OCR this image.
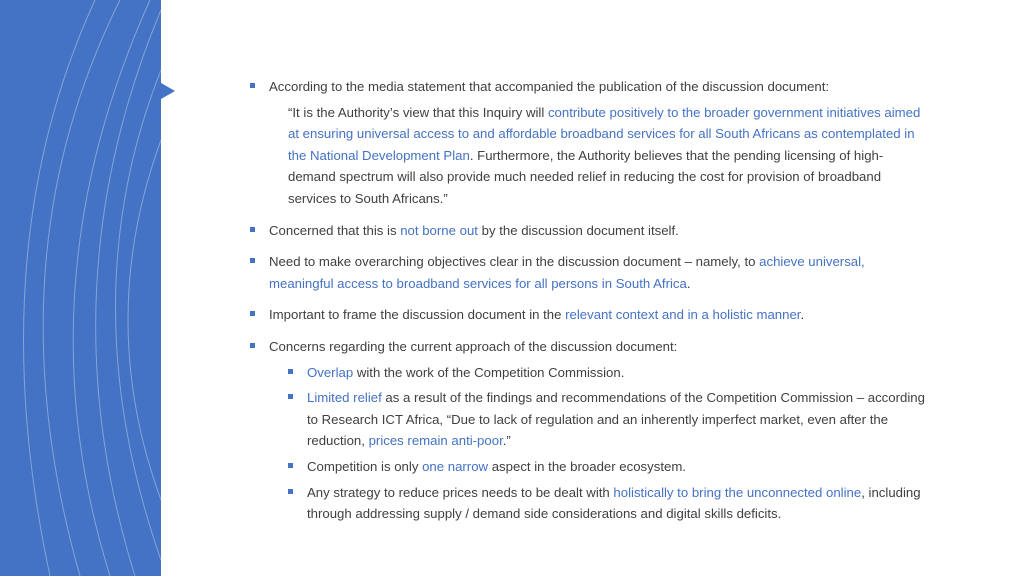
According to the media statement that accompanied the publication of the discussion document:
“It is the Authority’s view that this Inquiry will contribute positively to the broader government initiatives aimed at ensuring universal access to and affordable broadband services for all South Africans as contemplated in the National Development Plan. Furthermore, the Authority believes that the pending licensing of high-demand spectrum will also provide much needed relief in reducing the cost for provision of broadband services to South Africans.”
Concerned that this is not borne out by the discussion document itself.
Need to make overarching objectives clear in the discussion document – namely, to achieve universal, meaningful access to broadband services for all persons in South Africa.
Important to frame the discussion document in the relevant context and in a holistic manner.
Concerns regarding the current approach of the discussion document:
Overlap with the work of the Competition Commission.
Limited relief as a result of the findings and recommendations of the Competition Commission – according to Research ICT Africa, “Due to lack of regulation and an inherently imperfect market, even after the reduction, prices remain anti-poor.”
Competition is only one narrow aspect in the broader ecosystem.
Any strategy to reduce prices needs to be dealt with holistically to bring the unconnected online, including through addressing supply / demand side considerations and digital skills deficits.
